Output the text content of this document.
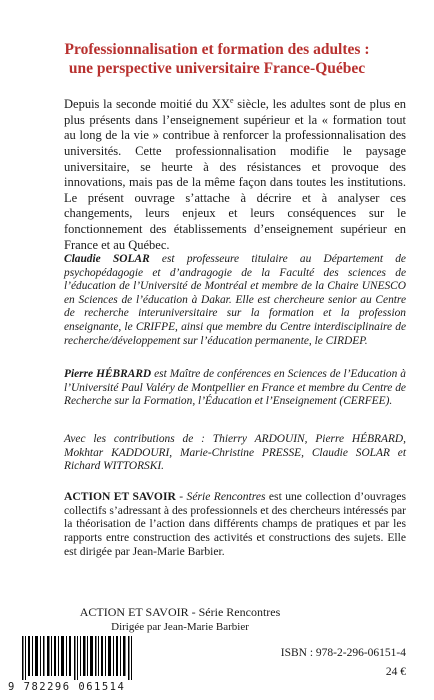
Professionnalisation et formation des adultes :
une perspective universitaire France-Québec

Depuis la seconde moitié du XXe siècle, les adultes sont de plus en plus présents dans l’enseignement supérieur et la « formation tout au long de la vie » contribue à renforcer la professionnalisation des universités. Cette professionnalisation modifie le paysage universitaire, se heurte à des résistances et provoque des innovations, mais pas de la même façon dans toutes les institutions. Le présent ouvrage s’attache à décrire et à analyser ces changements, leurs enjeux et leurs conséquences sur le fonctionnement des établissements d’enseignement supérieur en France et au Québec.

Claudie SOLAR est professeure titulaire au Département de psychopédagogie et d’andragogie de la Faculté des sciences de l’éducation de l’Université de Montréal et membre de la Chaire UNESCO en Sciences de l’éducation à Dakar. Elle est chercheure senior au Centre de recherche interuniversitaire sur la formation et la profession enseignante, le CRIFPE, ainsi que membre du Centre interdisciplinaire de recherche/développement sur l’éducation permanente, le CIRDEP.

Pierre HÉBRARD est Maître de conférences en Sciences de l’Education à l’Université Paul Valéry de Montpellier en France et membre du Centre de Recherche sur la Formation, l’Éducation et l’Enseignement (CERFEE).

Avec les contributions de : Thierry ARDOUIN, Pierre HÉBRARD, Mokhtar KADDOURI, Marie-Christine PRESSE, Claudie SOLAR et Richard WITTORSKI.

ACTION ET SAVOIR - Série Rencontres est une collection d’ouvrages collectifs s’adressant à des professionnels et des chercheurs intéressés par la théorisation de l’action dans différents champs de pratiques et par les rapports entre construction des activités et constructions des sujets. Elle est dirigée par Jean-Marie Barbier.

ACTION ET SAVOIR - Série Rencontres
Dirigée par Jean-Marie Barbier
9 782296 061514
ISBN : 978-2-296-06151-4
24 €
